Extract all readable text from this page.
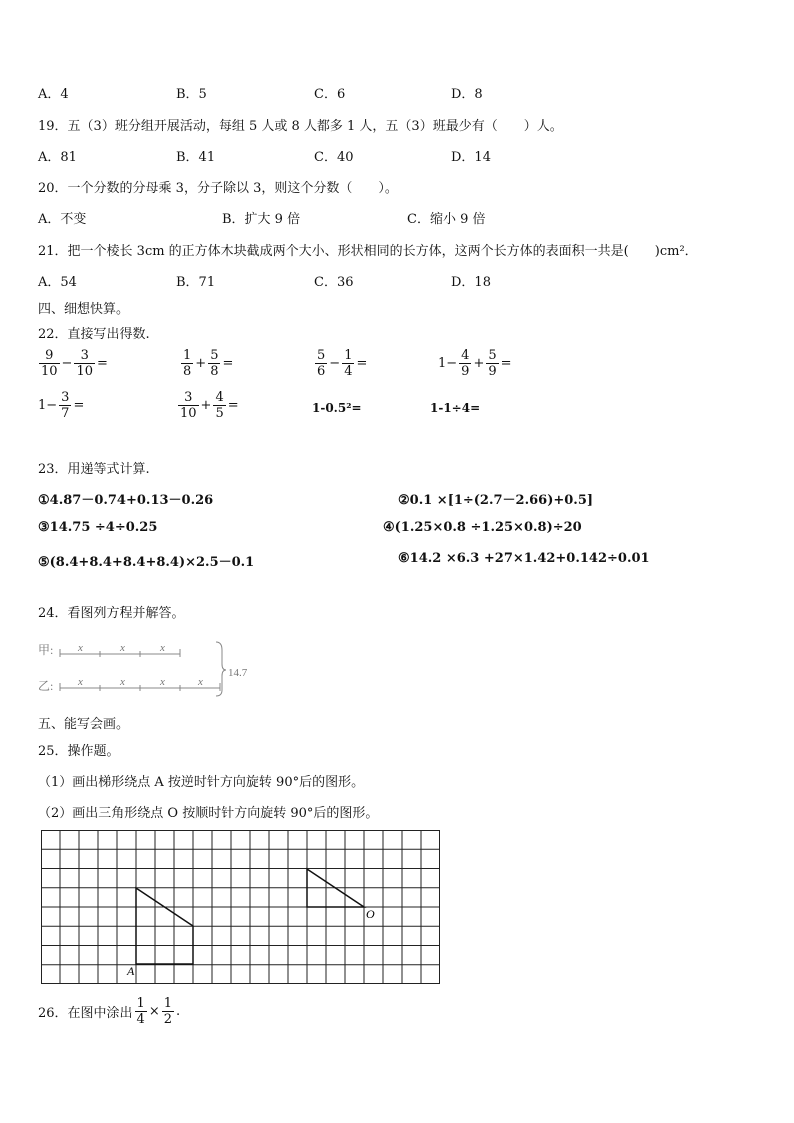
A．4	B．5	C．6	D．8
19．五（3）班分组开展活动，每组 5 人或 8 人都多 1 人，五（3）班最少有（　　）人。
A．81	B．41	C．40	D．14
20．一个分数的分母乘 3，分子除以 3，则这个分数（　　）。
A．不变	B．扩大 9 倍	C．缩小 9 倍
21．把一个棱长 3cm 的正方体木块截成两个大小、形状相同的长方体，这两个长方体的表面积一共是(　　)cm²．
A．54	B．71	C．36	D．18
四、细想快算。
22．直接写出得数.
$\frac{9}{10} - \frac{3}{10}$ =	$\frac{1}{8} + \frac{5}{8}$ =	$\frac{5}{6} - \frac{1}{4}$ =	$1- \frac{4}{9} + \frac{5}{9}$ =
$1- \frac{3}{7}$ =	$\frac{3}{10} + \frac{4}{5}$ =	1-0.5²=	1-1÷4=
23．用递等式计算.
①4.87－0.74+0.13－0.26	②0.1 ×[1÷(2.7－2.66)+0.5]
③14.75 ÷4÷0.25	④(1.25×0.8 ÷1.25×0.8)÷20
⑤(8.4+8.4+8.4+8.4)×2.5－0.1	⑥14.2 ×6.3 +27×1.42+0.142÷0.01
24．看图列方程并解答。
甲: x	x	x
乙: x	x	x	x
14.7
五、能写会画。
25．操作题。
（1）画出梯形绕点 A 按逆时针方向旋转 90°后的图形。
（2）画出三角形绕点 O 按顺时针方向旋转 90°后的图形。
A
O
26．在图中涂出 $\frac{1}{4} \times \frac{1}{2}$ .
